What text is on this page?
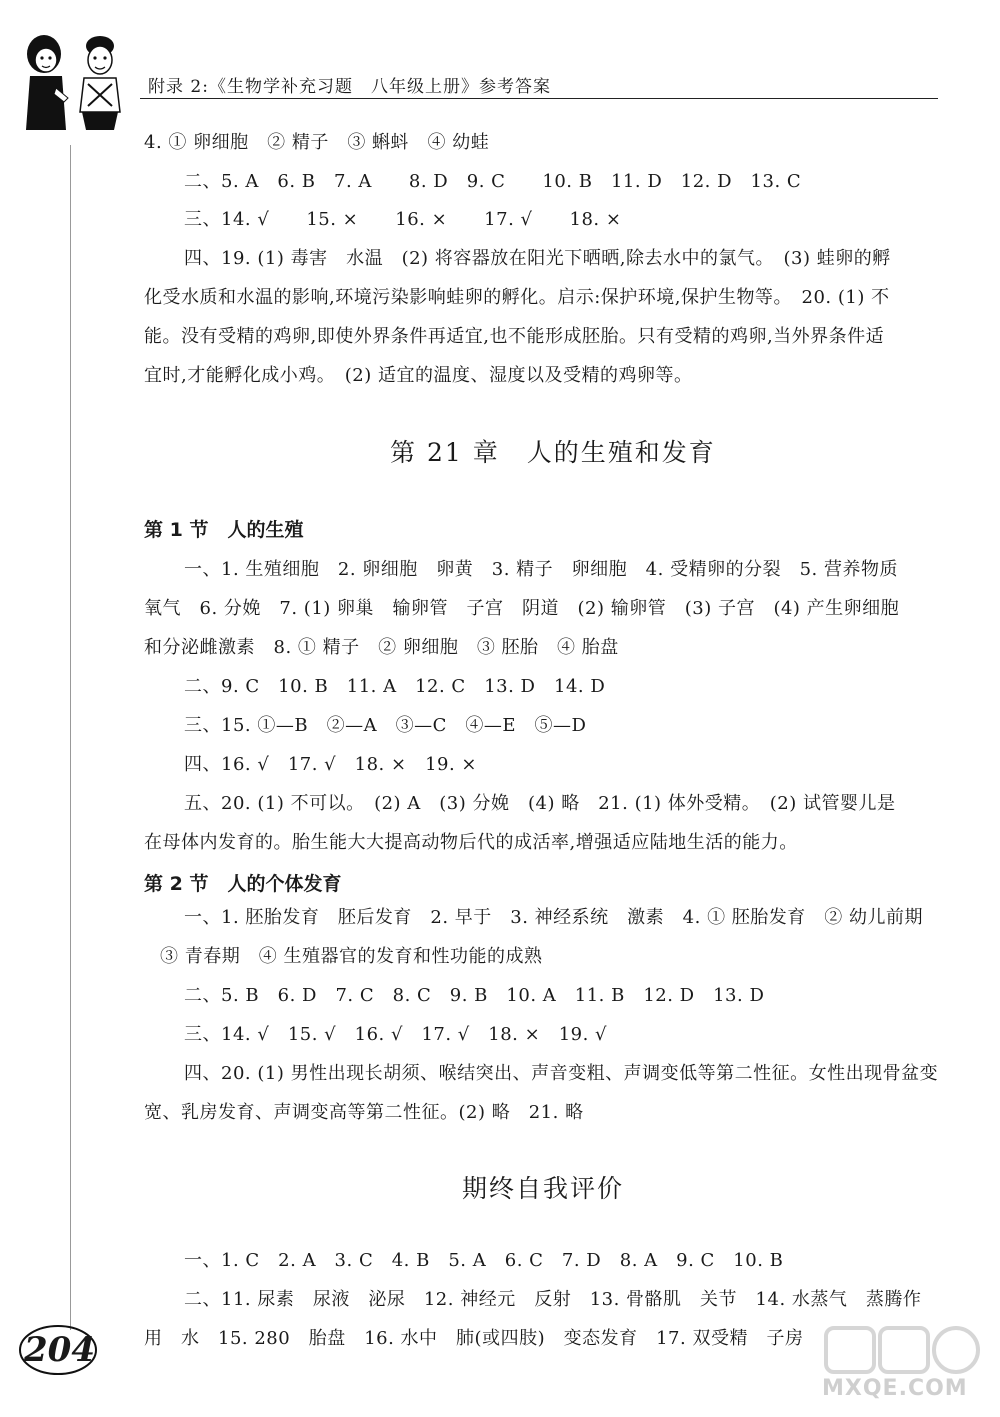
附录 2:《生物学补充习题　八年级上册》参考答案
4. ① 卵细胞　② 精子　③ 蝌蚪　④ 幼蛙
二、5. A　6. B　7. A　　8. D　9. C　　10. B　11. D　12. D　13. C
三、14. √　　15. ×　　16. ×　　17. √　　18. ×
四、19. (1) 毒害　水温　(2) 将容器放在阳光下晒晒,除去水中的氯气。　(3) 蛙卵的孵
化受水质和水温的影响,环境污染影响蛙卵的孵化。启示:保护环境,保护生物等。　20. (1) 不
能。没有受精的鸡卵,即使外界条件再适宜,也不能形成胚胎。只有受精的鸡卵,当外界条件适
宜时,才能孵化成小鸡。　(2) 适宜的温度、湿度以及受精的鸡卵等。
第 21 章　人的生殖和发育
第 1 节　人的生殖
一、1. 生殖细胞　2. 卵细胞　卵黄　3. 精子　卵细胞　4. 受精卵的分裂　5. 营养物质
氧气　6. 分娩　7. (1) 卵巢　输卵管　子宫　阴道　(2) 输卵管　(3) 子宫　(4) 产生卵细胞
和分泌雌激素　8. ① 精子　② 卵细胞　③ 胚胎　④ 胎盘
二、9. C　10. B　11. A　12. C　13. D　14. D
三、15. ①—B　②—A　③—C　④—E　⑤—D
四、16. √　17. √　18. ×　19. ×
五、20. (1) 不可以。　(2) A　(3) 分娩　(4) 略　21. (1) 体外受精。　(2) 试管婴儿是
在母体内发育的。胎生能大大提高动物后代的成活率,增强适应陆地生活的能力。
第 2 节　人的个体发育
一、1. 胚胎发育　胚后发育　2. 早于　3. 神经系统　激素　4. ① 胚胎发育　② 幼儿前期
③ 青春期　④ 生殖器官的发育和性功能的成熟
二、5. B　6. D　7. C　8. C　9. B　10. A　11. B　12. D　13. D
三、14. √　15. √　16. √　17. √　18. ×　19. √
四、20. (1) 男性出现长胡须、喉结突出、声音变粗、声调变低等第二性征。女性出现骨盆变
宽、乳房发育、声调变高等第二性征。(2) 略　21. 略
期终自我评价
一、1. C　2. A　3. C　4. B　5. A　6. C　7. D　8. A　9. C　10. B
二、11. 尿素　尿液　泌尿　12. 神经元　反射　13. 骨骼肌　关节　14. 水蒸气　蒸腾作
用　水　15. 280　胎盘　16. 水中　肺(或四肢)　变态发育　17. 双受精　子房
204
MXQE.COM
